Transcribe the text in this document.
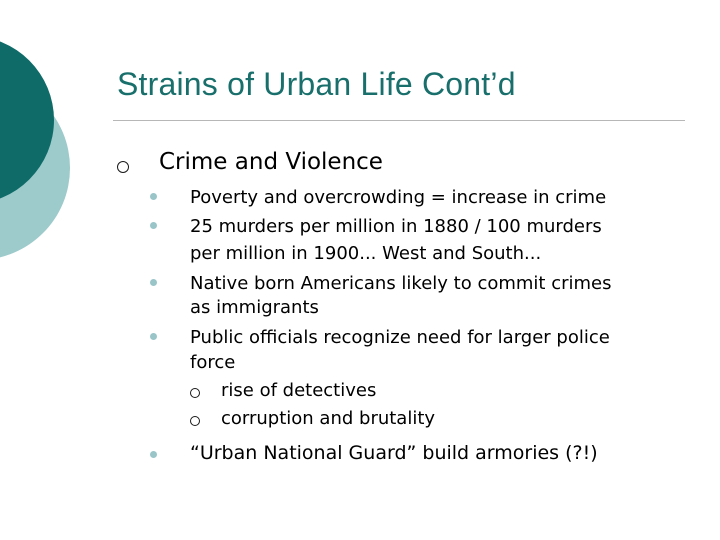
Strains of Urban Life Cont’d
Crime and Violence
Poverty and overcrowding = increase in crime
25 murders per million in 1880 / 100 murders
per million in 1900... West and South...
Native born Americans likely to commit crimes
as immigrants
Public officials recognize need for larger police
force
rise of detectives
corruption and brutality
“Urban National Guard” build armories (?!)
